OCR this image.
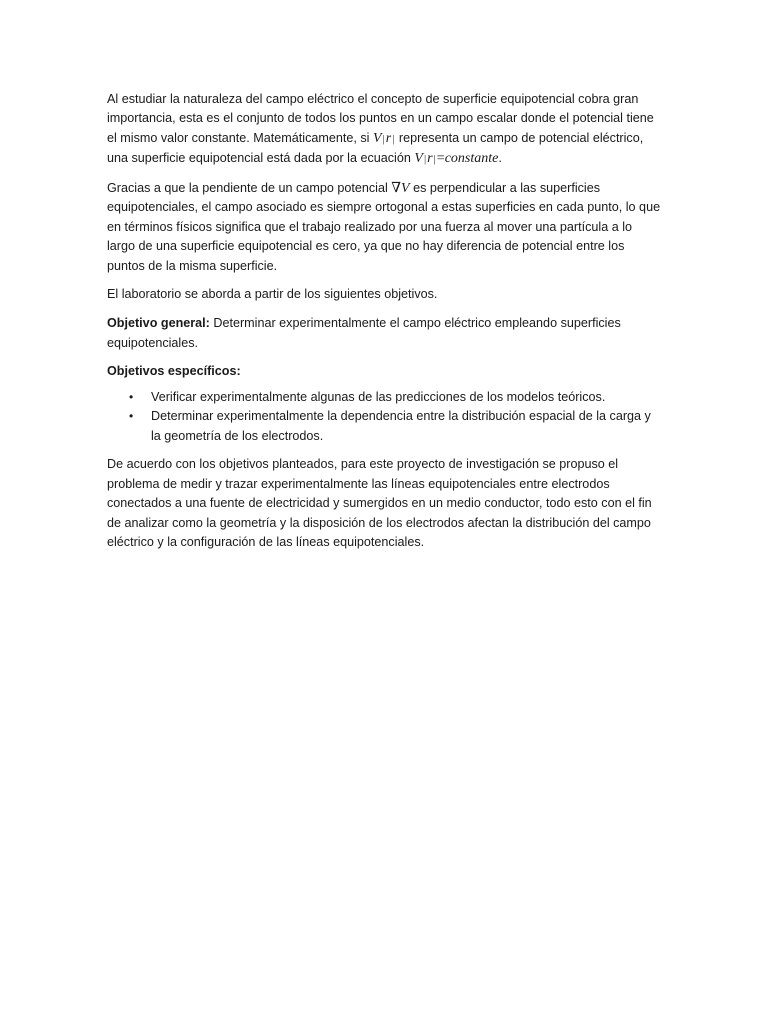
Al estudiar la naturaleza del campo eléctrico el concepto de superficie equipotencial cobra gran importancia, esta es el conjunto de todos los puntos en un campo escalar donde el potencial tiene el mismo valor constante. Matemáticamente, si V|r| representa un campo de potencial eléctrico, una superficie equipotencial está dada por la ecuación V|r|=constante.

Gracias a que la pendiente de un campo potencial ∇V es perpendicular a las superficies equipotenciales, el campo asociado es siempre ortogonal a estas superficies en cada punto, lo que en términos físicos significa que el trabajo realizado por una fuerza al mover una partícula a lo largo de una superficie equipotencial es cero, ya que no hay diferencia de potencial entre los puntos de la misma superficie.

El laboratorio se aborda a partir de los siguientes objetivos.

Objetivo general: Determinar experimentalmente el campo eléctrico empleando superficies equipotenciales.

Objetivos específicos:

• Verificar experimentalmente algunas de las predicciones de los modelos teóricos.
• Determinar experimentalmente la dependencia entre la distribución espacial de la carga y la geometría de los electrodos.

De acuerdo con los objetivos planteados, para este proyecto de investigación se propuso el problema de medir y trazar experimentalmente las líneas equipotenciales entre electrodos conectados a una fuente de electricidad y sumergidos en un medio conductor, todo esto con el fin de analizar como la geometría y la disposición de los electrodos afectan la distribución del campo eléctrico y la configuración de las líneas equipotenciales.
